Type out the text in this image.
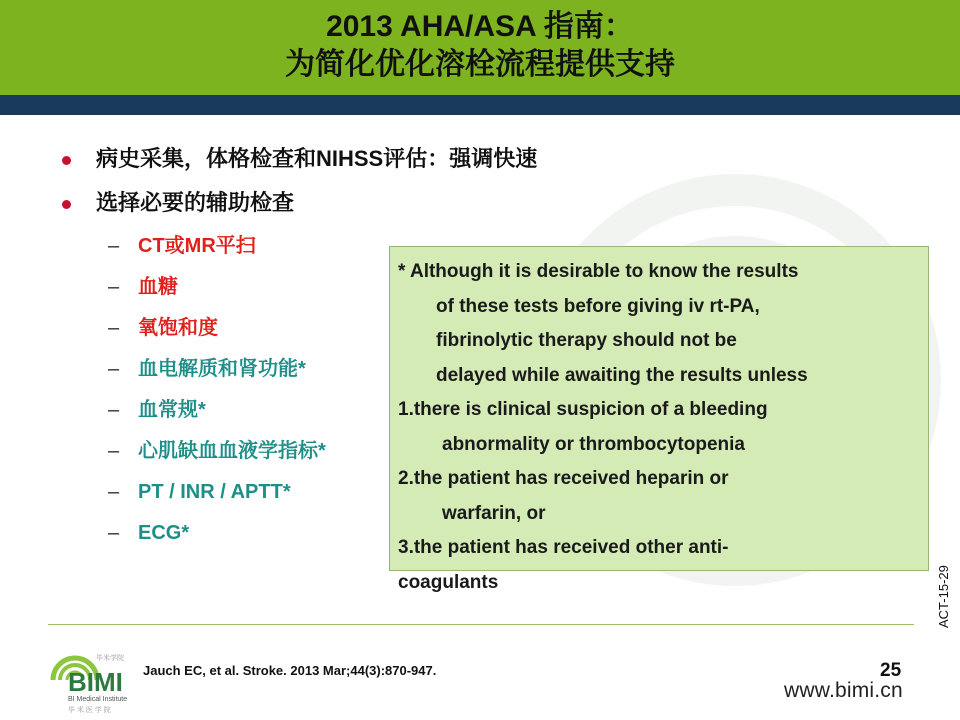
2013 AHA/ASA 指南：
为简化优化溶栓流程提供支持
病史采集，体格检查和NIHSS评估：强调快速
选择必要的辅助检查
– CT或MR平扫
– 血糖
– 氧饱和度
– 血电解质和肾功能*
– 血常规*
– 心肌缺血血液学指标*
– PT / INR / APTT*
– ECG*
* Although it is desirable to know the results
of these tests before giving iv rt-PA,
fibrinolytic therapy should not be
delayed while awaiting the results unless
1.there is clinical suspicion of a bleeding
abnormality or thrombocytopenia
2.the patient has received heparin or
warfarin, or
3.the patient has received other anti-
coagulants	ACT-15-29
毕米学院
BIMI
BI Medical Institute
毕 米 医 学 院
Jauch EC, et al. Stroke. 2013 Mar;44(3):870-947.	25
www.bimi.cn
